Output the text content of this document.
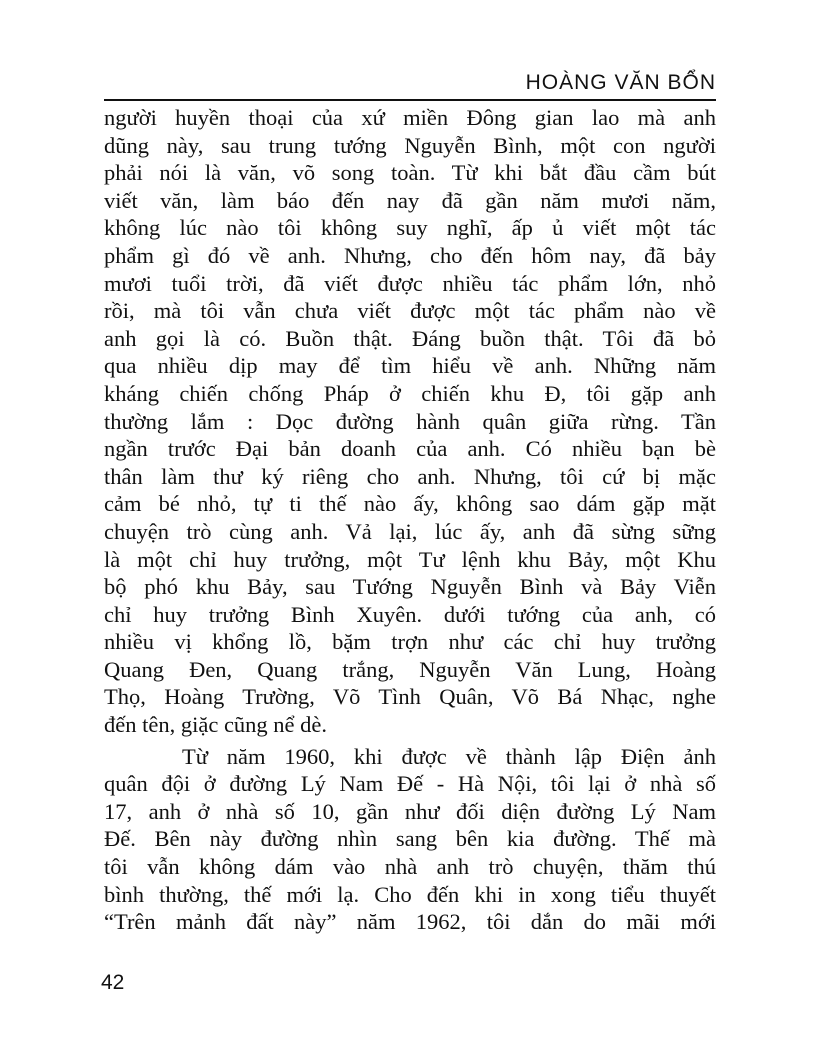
HOÀNG VĂN BỔN
người huyền thoại của xứ miền Đông gian lao mà anh
dũng này, sau trung tướng Nguyễn Bình, một con người
phải nói là văn, võ song toàn. Từ khi bắt đầu cầm bút
viết văn, làm báo đến nay đã gần năm mươi năm,
không lúc nào tôi không suy nghĩ, ấp ủ viết một tác
phẩm gì đó về anh. Nhưng, cho đến hôm nay, đã bảy
mươi tuổi trời, đã viết được nhiều tác phẩm lớn, nhỏ
rồi, mà tôi vẫn chưa viết được một tác phẩm nào về
anh gọi là có. Buồn thật. Đáng buồn thật. Tôi đã bỏ
qua nhiều dịp may để tìm hiểu về anh. Những năm
kháng chiến chống Pháp ở chiến khu Đ, tôi gặp anh
thường lắm : Dọc đường hành quân giữa rừng. Tần
ngần trước Đại bản doanh của anh. Có nhiều bạn bè
thân làm thư ký riêng cho anh. Nhưng, tôi cứ bị mặc
cảm bé nhỏ, tự ti thế nào ấy, không sao dám gặp mặt
chuyện trò cùng anh. Vả lại, lúc ấy, anh đã sừng sững
là một chỉ huy trưởng, một Tư lệnh khu Bảy, một Khu
bộ phó khu Bảy, sau Tướng Nguyễn Bình và Bảy Viễn
chỉ huy trưởng Bình Xuyên. dưới tướng của anh, có
nhiều vị khổng lồ, bặm trợn như các chỉ huy trưởng
Quang Đen, Quang trắng, Nguyễn Văn Lung, Hoàng
Thọ, Hoàng Trường, Võ Tình Quân, Võ Bá Nhạc, nghe
đến tên, giặc cũng nể dè.
Từ năm 1960, khi được về thành lập Điện ảnh
quân đội ở đường Lý Nam Đế - Hà Nội, tôi lại ở nhà số
17, anh ở nhà số 10, gần như đối diện đường Lý Nam
Đế. Bên này đường nhìn sang bên kia đường. Thế mà
tôi vẫn không dám vào nhà anh trò chuyện, thăm thú
bình thường, thế mới lạ. Cho đến khi in xong tiểu thuyết
“Trên mảnh đất này” năm 1962, tôi dắn do mãi mới
42
